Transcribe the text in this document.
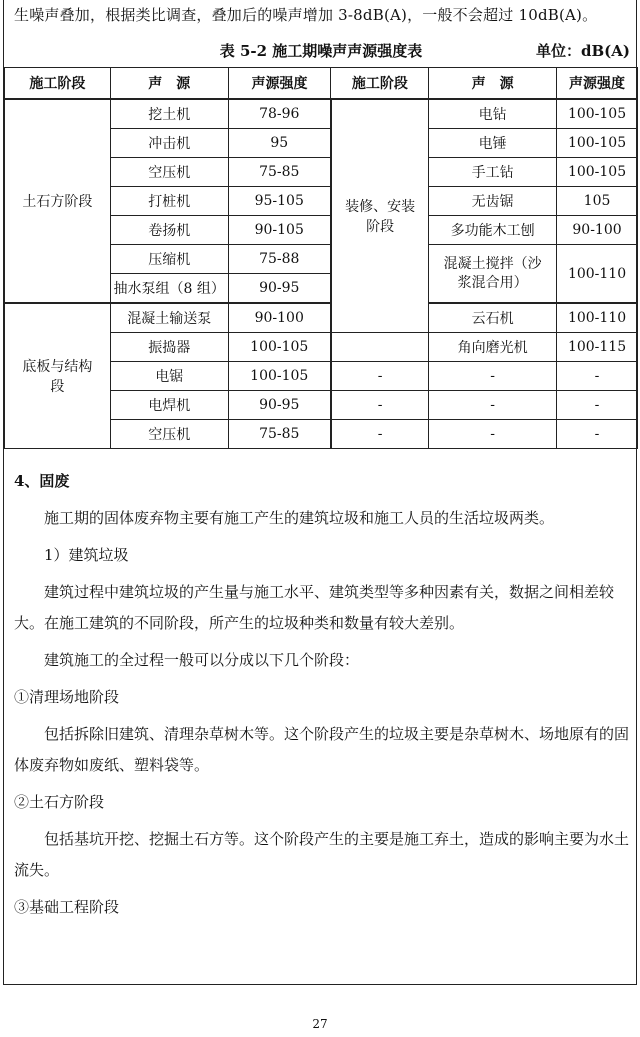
生噪声叠加，根据类比调查，叠加后的噪声增加 3-8dB(A)，一般不会超过 10dB(A)。
表 5-2 施工期噪声声源强度表	单位：dB(A)
施工阶段	声　源	声源强度	施工阶段	声　源	声源强度
土石方阶段	挖土机	78-96	装修、安装阶段	电钻	100-105
	冲击机	95		电锤	100-105
	空压机	75-85		手工钻	100-105
	打桩机	95-105		无齿锯	105
	卷扬机	90-105		多功能木工刨	90-100
	压缩机	75-88		混凝土搅拌（沙浆混合用）	100-110
	抽水泵组（8 组）	90-95			
底板与结构段	混凝土输送泵	90-100		云石机	100-110
	振捣器	100-105		角向磨光机	100-115
	电锯	100-105	-	-	-
	电焊机	90-95	-	-	-
	空压机	75-85	-	-	-

4、固废

施工期的固体废弃物主要有施工产生的建筑垃圾和施工人员的生活垃圾两类。

1）建筑垃圾

建筑过程中建筑垃圾的产生量与施工水平、建筑类型等多种因素有关，数据之间相差较大。在施工建筑的不同阶段，所产生的垃圾种类和数量有较大差别。

建筑施工的全过程一般可以分成以下几个阶段：

①清理场地阶段

包括拆除旧建筑、清理杂草树木等。这个阶段产生的垃圾主要是杂草树木、场地原有的固体废弃物如废纸、塑料袋等。

②土石方阶段

包括基坑开挖、挖掘土石方等。这个阶段产生的主要是施工弃土，造成的影响主要为水土流失。

③基础工程阶段

27
